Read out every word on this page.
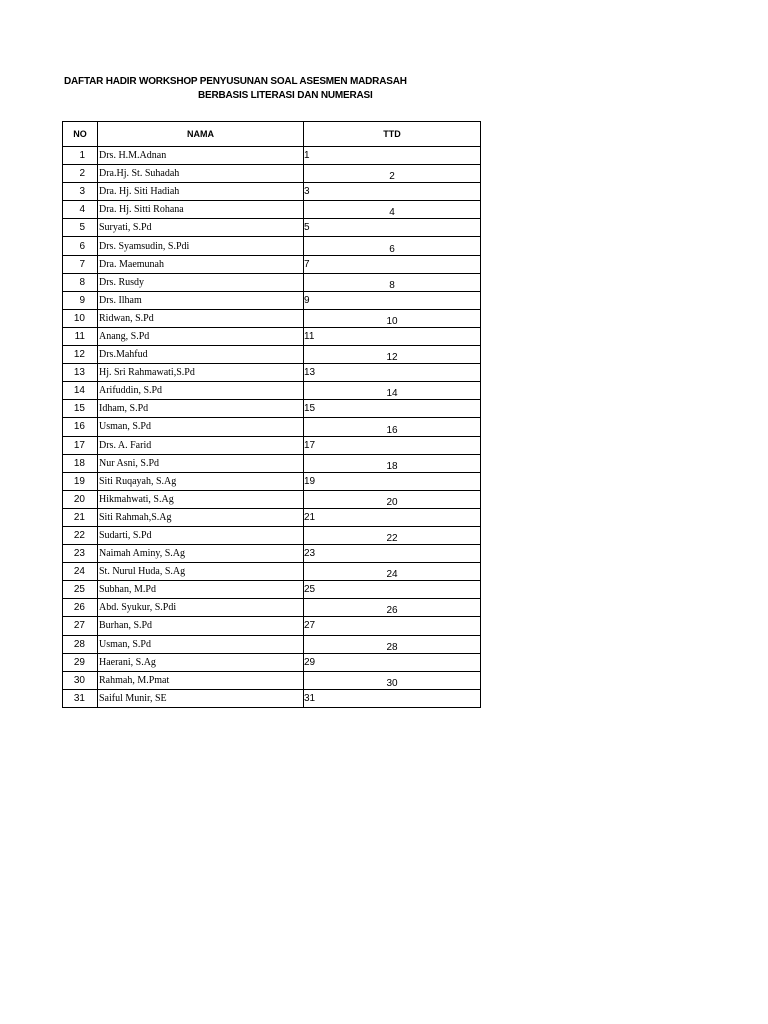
DAFTAR HADIR WORKSHOP PENYUSUNAN SOAL ASESMEN MADRASAH
BERBASIS LITERASI DAN NUMERASI
NO	NAMA	TTD
1	Drs. H.M.Adnan	1
2	Dra.Hj. St. Suhadah	2
3	Dra. Hj. Siti Hadiah	3
4	Dra. Hj. Sitti Rohana	4
5	Suryati, S.Pd	5
6	Drs. Syamsudin, S.Pdi	6
7	Dra. Maemunah	7
8	Drs. Rusdy	8
9	Drs. Ilham	9
10	Ridwan, S.Pd	10
11	Anang, S.Pd	11
12	Drs.Mahfud	12
13	Hj. Sri Rahmawati,S.Pd	13
14	Arifuddin, S.Pd	14
15	Idham, S.Pd	15
16	Usman, S.Pd	16
17	Drs. A. Farid	17
18	Nur Asni, S.Pd	18
19	Siti Ruqayah, S.Ag	19
20	Hikmahwati, S.Ag	20
21	Siti Rahmah,S.Ag	21
22	Sudarti, S.Pd	22
23	Naimah Aminy, S.Ag	23
24	St. Nurul Huda, S.Ag	24
25	Subhan, M.Pd	25
26	Abd. Syukur, S.Pdi	26
27	Burhan, S.Pd	27
28	Usman, S.Pd	28
29	Haerani, S.Ag	29
30	Rahmah, M.Pmat	30
31	Saiful Munir, SE	31
